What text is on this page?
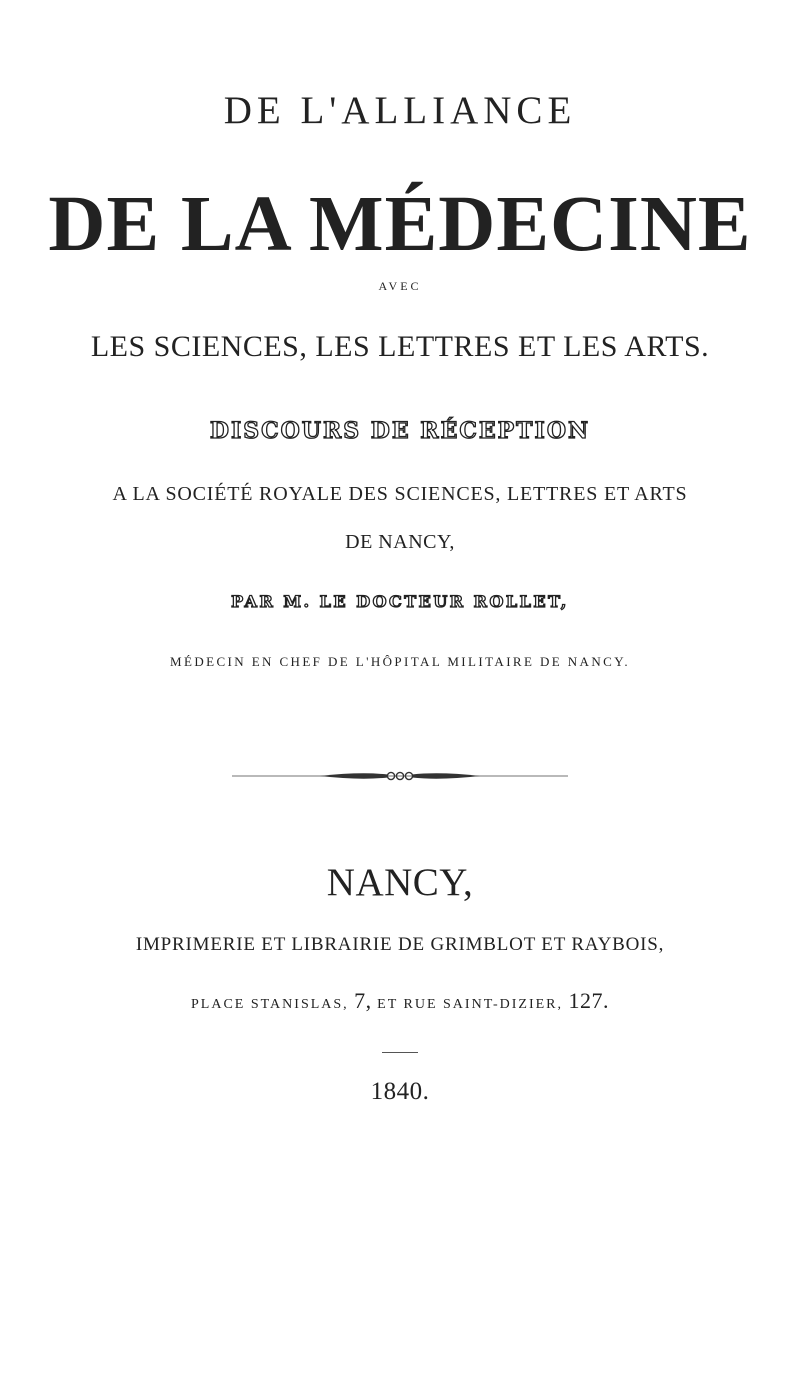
DE L'ALLIANCE
DE LA MÉDECINE
AVEC
LES SCIENCES, LES LETTRES ET LES ARTS.
DISCOURS DE RÉCEPTION
A LA SOCIÉTÉ ROYALE DES SCIENCES, LETTRES ET ARTS
DE NANCY,
PAR M. LE DOCTEUR ROLLET,
MÉDECIN EN CHEF DE L'HÔPITAL MILITAIRE DE NANCY.
NANCY,
IMPRIMERIE ET LIBRAIRIE DE GRIMBLOT ET RAYBOIS,
PLACE STANISLAS, 7, ET RUE SAINT-DIZIER, 127.
1840.
